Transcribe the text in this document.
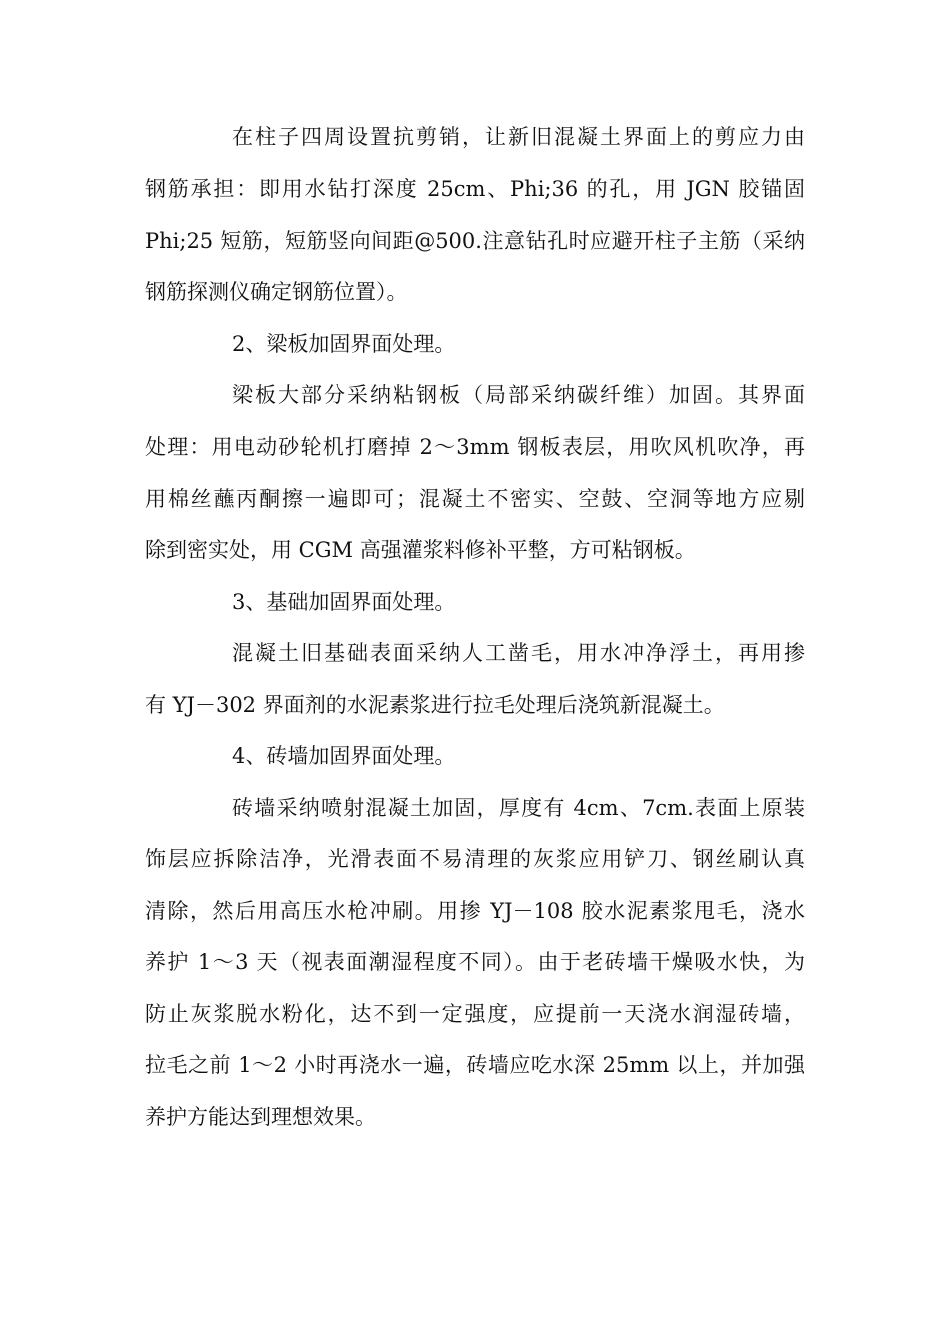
在柱子四周设置抗剪销，让新旧混凝土界面上的剪应力由
钢筋承担：即用水钻打深度 25cm、Phi;36 的孔，用 JGN 胶锚固
Phi;25 短筋，短筋竖向间距@500.注意钻孔时应避开柱子主筋（采纳
钢筋探测仪确定钢筋位置）。
2、梁板加固界面处理。
梁板大部分采纳粘钢板（局部采纳碳纤维）加固。其界面
处理：用电动砂轮机打磨掉 2～3mm 钢板表层，用吹风机吹净，再
用棉丝蘸丙酮擦一遍即可；混凝土不密实、空鼓、空洞等地方应剔
除到密实处，用 CGM 高强灌浆料修补平整，方可粘钢板。
3、基础加固界面处理。
混凝土旧基础表面采纳人工凿毛，用水冲净浮土，再用掺
有 YJ－302 界面剂的水泥素浆进行拉毛处理后浇筑新混凝土。
4、砖墙加固界面处理。
砖墙采纳喷射混凝土加固，厚度有 4cm、7cm.表面上原装
饰层应拆除洁净，光滑表面不易清理的灰浆应用铲刀、钢丝刷认真
清除，然后用高压水枪冲刷。用掺 YJ－108 胶水泥素浆甩毛，浇水
养护 1～3 天（视表面潮湿程度不同）。由于老砖墙干燥吸水快，为
防止灰浆脱水粉化，达不到一定强度，应提前一天浇水润湿砖墙，
拉毛之前 1～2 小时再浇水一遍，砖墙应吃水深 25mm 以上，并加强
养护方能达到理想效果。
